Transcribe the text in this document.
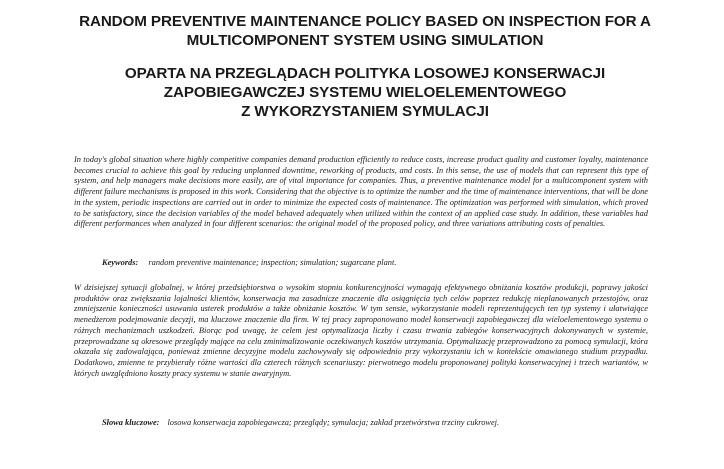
RANDOM PREVENTIVE MAINTENANCE POLICY BASED ON INSPECTION FOR A
MULTICOMPONENT SYSTEM USING SIMULATION
OPARTA NA PRZEGLĄDACH POLITYKA LOSOWEJ KONSERWACJI
ZAPOBIEGAWCZEJ SYSTEMU WIELOELEMENTOWEGO
Z WYKORZYSTANIEM SYMULACJI

In today's global situation where highly competitive companies demand production efficiently to reduce costs, increase product quality and customer loyalty, maintenance becomes crucial to achieve this goal by reducing unplanned downtime, reworking of products, and costs. In this sense, the use of models that can represent this type of system, and help managers make decisions more easily, are of vital importance for companies. Thus, a preventive maintenance model for a multicomponent system with different failure mechanisms is proposed in this work. Considering that the objective is to optimize the number and the time of maintenance interventions, that will be done in the system, periodic inspections are carried out in order to minimize the expected costs of maintenance. The optimization was performed with simulation, which proved to be satisfactory, since the decision variables of the model behaved adequately when utilized within the context of an applied case study. In addition, these variables had different performances when analyzed in four different scenarios: the original model of the proposed policy, and three variations attributing costs of penalties.

Keywords: random preventive maintenance; inspection; simulation; sugarcane plant.

W dzisiejszej sytuacji globalnej, w której przedsiębiorstwa o wysokim stopniu konkurencyjności wymagają efektywnego obniżania kosztów produkcji, poprawy jakości produktów oraz zwiększania lojalności klientów, konserwacja ma zasadnicze znaczenie dla osiągnięcia tych celów poprzez redukcję nieplanowanych przestojów, oraz zmniejszenie konieczności usuwania usterek produktów a także obniżanie kosztów. W tym sensie, wykorzystanie modeli reprezentujących ten typ systemy i ułatwiające menedżerom podejmowanie decyzji, ma kluczowe znaczenie dla firm. W tej pracy zaproponowano model konserwacji zapobiegawczej dla wieloelementowego systemu o różnych mechanizmach uszkodzeń. Biorąc pod uwagę, że celem jest optymalizacja liczby i czasu trwania zabiegów konserwacyjnych dokonywanych w systemie, przeprowadzane są okresowe przeglądy mające na celu zminimalizowanie oczekiwanych kosztów utrzymania. Optymalizację przeprowadzono za pomocą symulacji, która okazała się zadowalająca, ponieważ zmienne decyzyjne modelu zachowywały się odpowiednio przy wykorzystaniu ich w kontekście omawianego studium przypadku. Dodatkowo, zmienne te przybierały różne wartości dla czterech różnych scenariuszy: pierwotnego modelu proponowanej polityki konserwacyjnej i trzech wariantów, w których uwzględniono koszty pracy systemu w stanie awaryjnym.

Słowa kluczowe: losowa konserwacja zapobiegawcza; przeglądy; symulacja; zakład przetwórstwa trzciny cukrowej.
